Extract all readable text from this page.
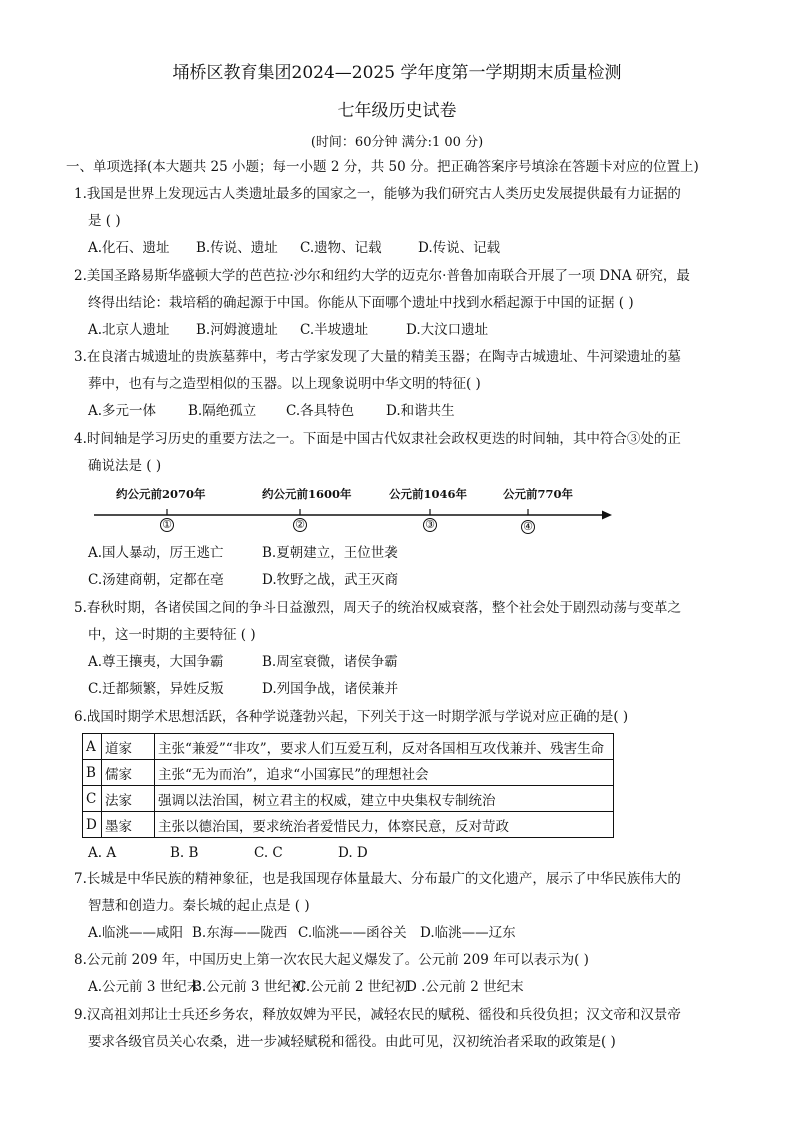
埇桥区教育集团2024—2025 学年度第一学期期末质量检测
七年级历史试卷
(时间：60分钟 满分:1 00 分)
一、单项选择(本大题共 25 小题；每一小题 2 分，共 50 分。把正确答案序号填涂在答题卡对应的位置上)
1.我国是世界上发现远古人类遗址最多的国家之一，能够为我们研究古人类历史发展提供最有力证据的
是 ( )
A.化石、遗址 B.传说、遗址 C.遗物、记载	D.传说、记载
2.美国圣路易斯华盛顿大学的芭芭拉·沙尔和纽约大学的迈克尔·普鲁加南联合开展了一项 DNA 研究，最
终得出结论：栽培稻的确起源于中国。你能从下面哪个遗址中找到水稻起源于中国的证据 ( )
A.北京人遗址 B.河姆渡遗址 C.半坡遗址	D.大汶口遗址
3.在良渚古城遗址的贵族墓葬中，考古学家发现了大量的精美玉器；在陶寺古城遗址、牛河梁遗址的墓
葬中，也有与之造型相似的玉器。以上现象说明中华文明的特征( )
A.多元一体 B.隔绝孤立 C.各具特色 D.和谐共生
4.时间轴是学习历史的重要方法之一。下面是中国古代奴隶社会政权更迭的时间轴，其中符合③处的正
确说法是 ( )
约公元前2070年	约公元前1600年	公元前1046年	公元前770年
①	②	③	④
A.国人暴动，厉王逃亡	B.夏朝建立，王位世袭
C.汤建商朝，定都在亳	D.牧野之战，武王灭商
5.春秋时期，各诸侯国之间的争斗日益激烈，周天子的统治权威衰落，整个社会处于剧烈动荡与变革之
中，这一时期的主要特征 ( )
A.尊王攘夷，大国争霸	B.周室衰微，诸侯争霸
C.迁都频繁，异姓反叛	D.列国争战，诸侯兼并
6.战国时期学术思想活跃，各种学说蓬勃兴起，下列关于这一时期学派与学说对应正确的是( )
A	道家	主张“兼爱”“非攻”，要求人们互爱互利，反对各国相互攻伐兼并、残害生命
B	儒家	主张“无为而治”，追求“小国寡民”的理想社会
C	法家	强调以法治国，树立君主的权威，建立中央集权专制统治
D	墨家	主张以德治国，要求统治者爱惜民力，体察民意，反对苛政
A. A	B. B	C. C	D. D
7.长城是中华民族的精神象征，也是我国现存体量最大、分布最广的文化遗产，展示了中华民族伟大的
智慧和创造力。秦长城的起止点是 ( )
A.临洮——咸阳 B.东海——陇西 C.临洮——函谷关 D.临洮——辽东
8.公元前 209 年，中国历史上第一次农民大起义爆发了。公元前 209 年可以表示为( )
A.公元前 3 世纪末
B.公元前 3 世纪初
C.公元前 2 世纪初
D .公元前 2 世纪末
9.汉高祖刘邦让士兵还乡务农，释放奴婢为平民，减轻农民的赋税、徭役和兵役负担；汉文帝和汉景帝
要求各级官员关心农桑，进一步减轻赋税和徭役。由此可见，汉初统治者采取的政策是( )
